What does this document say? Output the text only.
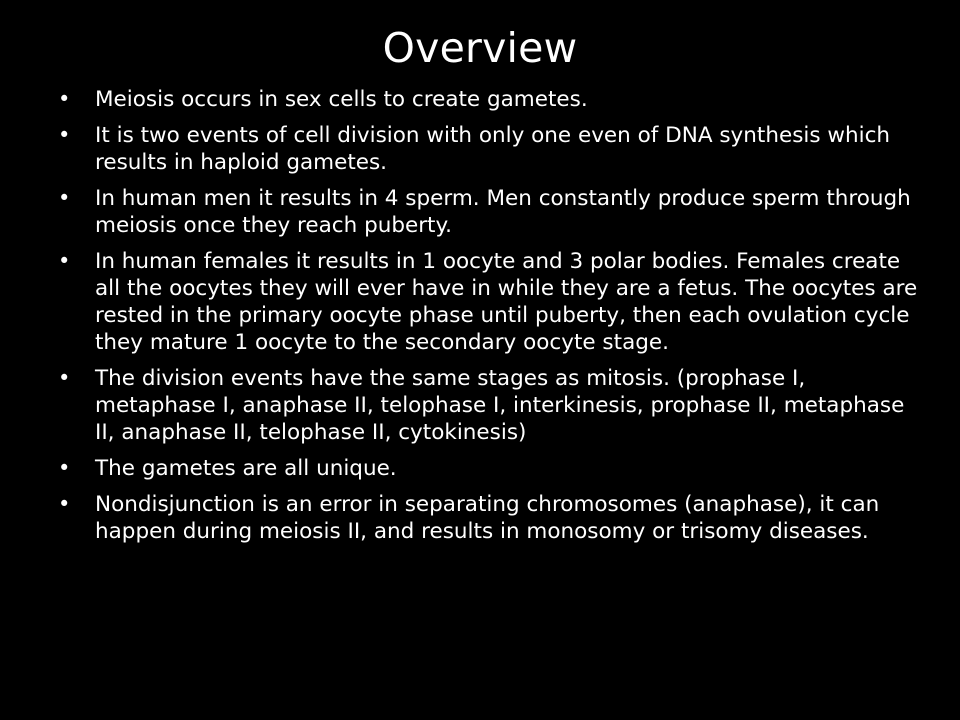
Overview
•	Meiosis occurs in sex cells to create gametes.
•	It is two events of cell division with only one even of DNA synthesis which results in haploid gametes.
•	In human men it results in 4 sperm. Men constantly produce sperm through meiosis once they reach puberty.
•	In human females it results in 1 oocyte and 3 polar bodies. Females create all the oocytes they will ever have in while they are a fetus. The oocytes are rested in the primary oocyte phase until puberty, then each ovulation cycle they mature 1 oocyte to the secondary oocyte stage.
•	The division events have the same stages as mitosis. (prophase I, metaphase I, anaphase II, telophase I, interkinesis, prophase II, metaphase II, anaphase II, telophase II, cytokinesis)
•	The gametes are all unique.
•	Nondisjunction is an error in separating chromosomes (anaphase), it can happen during meiosis II, and results in monosomy or trisomy diseases.
